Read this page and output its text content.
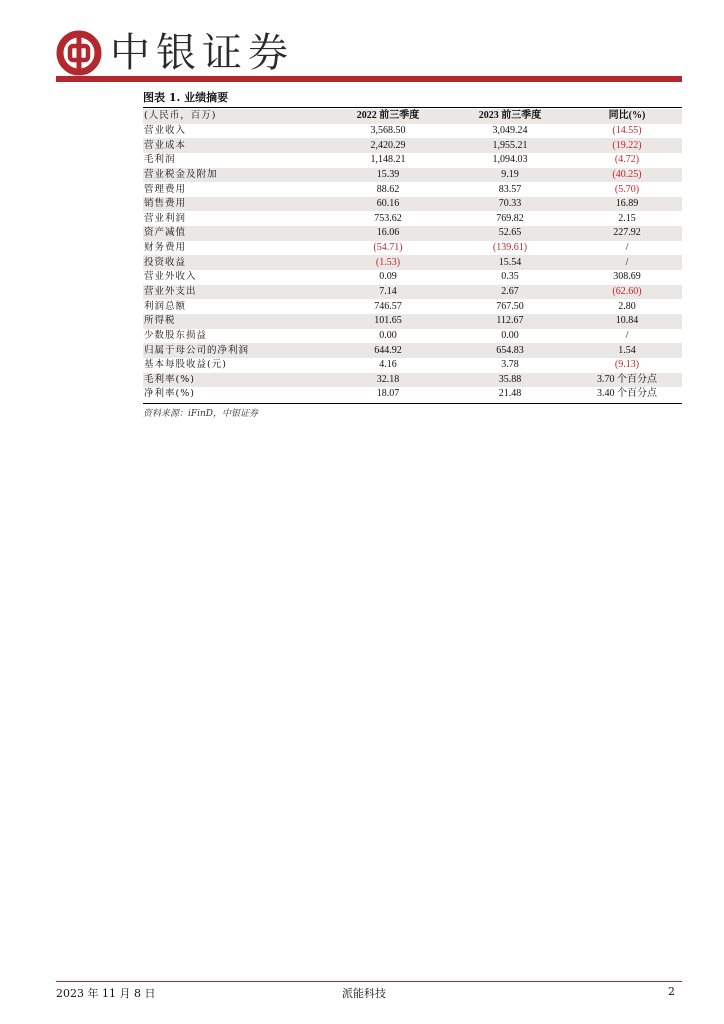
中银证券
图表 1. 业绩摘要
(人民币，百万)	2022 前三季度	2023 前三季度	同比(%)
营业收入	3,568.50	3,049.24	(14.55)
营业成本	2,420.29	1,955.21	(19.22)
毛利润	1,148.21	1,094.03	(4.72)
营业税金及附加	15.39	9.19	(40.25)
管理费用	88.62	83.57	(5.70)
销售费用	60.16	70.33	16.89
营业利润	753.62	769.82	2.15
资产减值	16.06	52.65	227.92
财务费用	(54.71)	(139.61)	/
投资收益	(1.53)	15.54	/
营业外收入	0.09	0.35	308.69
营业外支出	7.14	2.67	(62.60)
利润总额	746.57	767.50	2.80
所得税	101.65	112.67	10.84
少数股东损益	0.00	0.00	/
归属于母公司的净利润	644.92	654.83	1.54
基本每股收益(元)	4.16	3.78	(9.13)
毛利率(%)	32.18	35.88	3.70 个百分点
净利率(%)	18.07	21.48	3.40 个百分点
资料来源：iFinD，中银证券
2023 年 11 月 8 日	派能科技	2
